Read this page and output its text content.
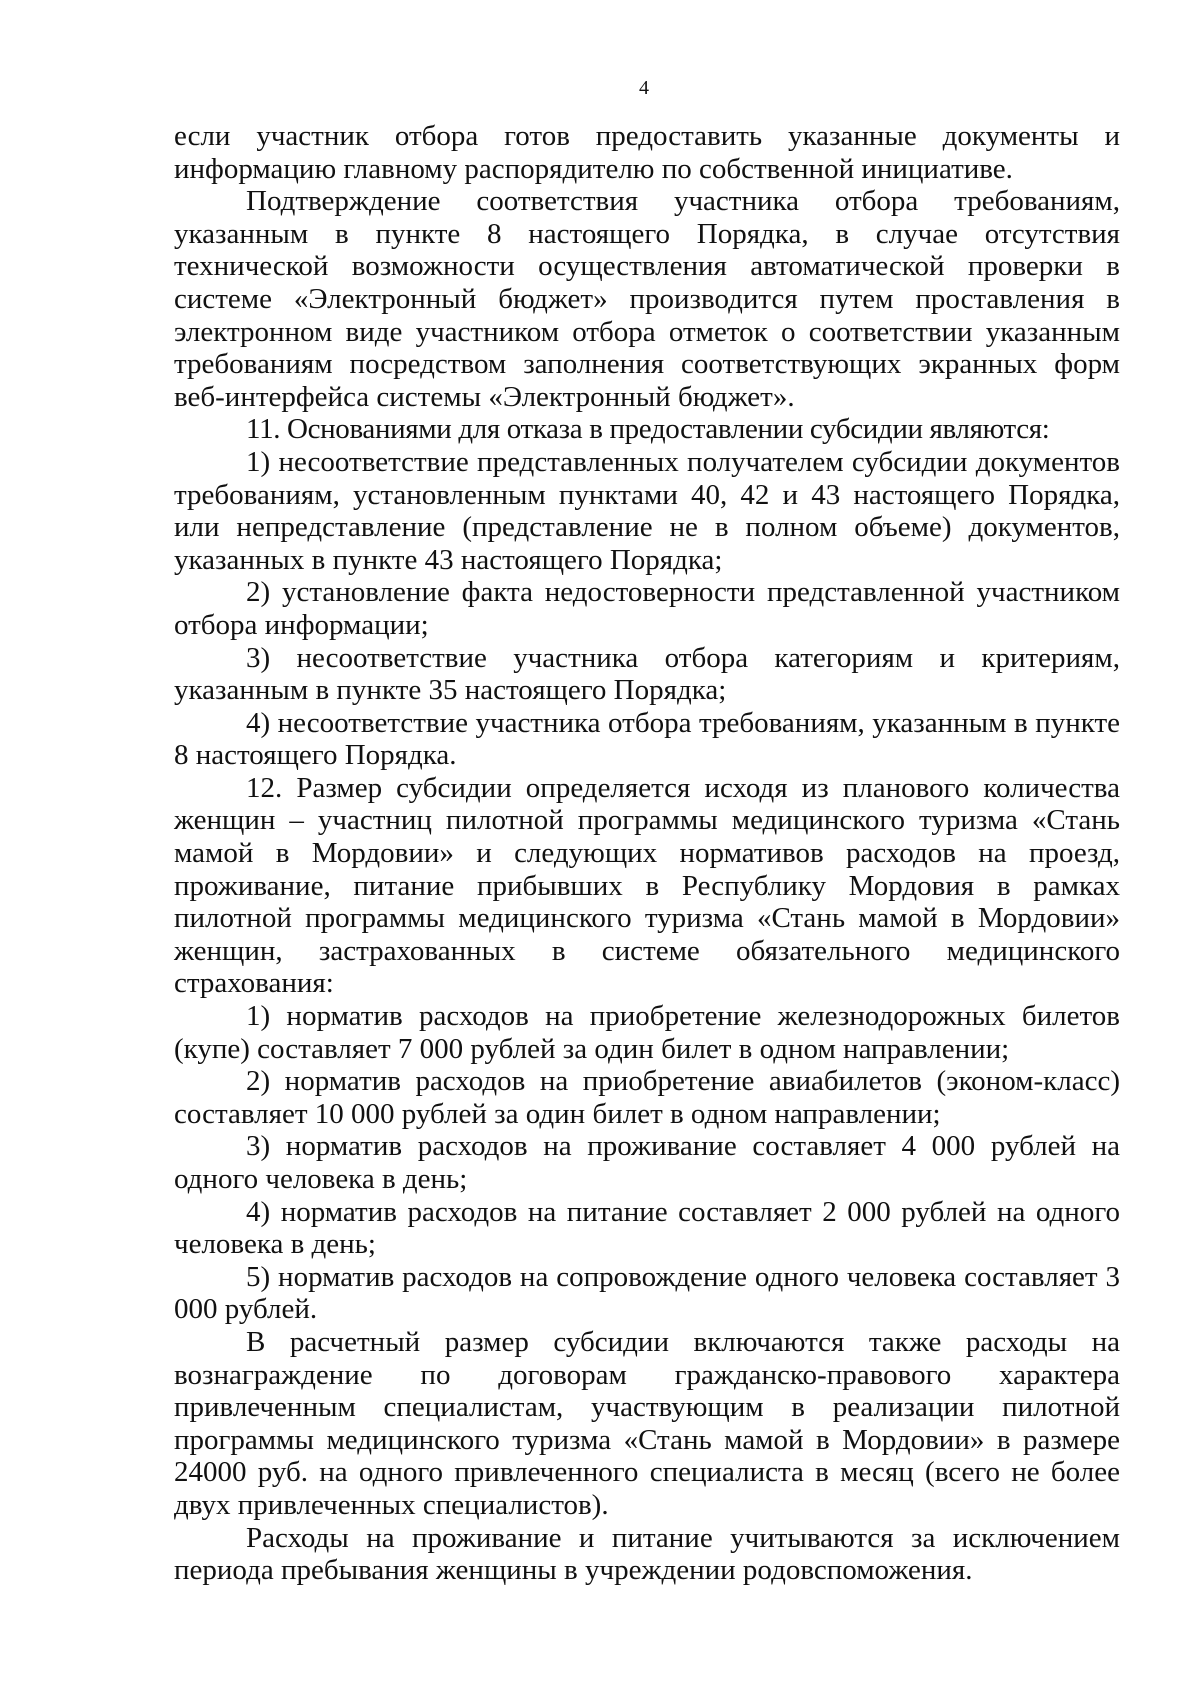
4

если участник отбора готов предоставить указанные документы и информацию главному распорядителю по собственной инициативе.

Подтверждение соответствия участника отбора требованиям, указанным в пункте 8 настоящего Порядка, в случае отсутствия технической возможности осуществления автоматической проверки в системе «Электронный бюджет» производится путем проставления в электронном виде участником отбора отметок о соответствии указанным требованиям посредством заполнения соответствующих экранных форм веб-интерфейса системы «Электронный бюджет».

11. Основаниями для отказа в предоставлении субсидии являются:

1) несоответствие представленных получателем субсидии документов требованиям, установленным пунктами 40, 42 и 43 настоящего Порядка, или непредставление (представление не в полном объеме) документов, указанных в пункте 43 настоящего Порядка;

2) установление факта недостоверности представленной участником отбора информации;

3) несоответствие участника отбора категориям и критериям, указанным в пункте 35 настоящего Порядка;

4) несоответствие участника отбора требованиям, указанным в пункте 8 настоящего Порядка.

12. Размер субсидии определяется исходя из планового количества женщин – участниц пилотной программы медицинского туризма «Стань мамой в Мордовии» и следующих нормативов расходов на проезд, проживание, питание прибывших в Республику Мордовия в рамках пилотной программы медицинского туризма «Стань мамой в Мордовии» женщин, застрахованных в системе обязательного медицинского страхования:

1) норматив расходов на приобретение железнодорожных билетов (купе) составляет 7 000 рублей за один билет в одном направлении;

2) норматив расходов на приобретение авиабилетов (эконом-класс) составляет 10 000 рублей за один билет в одном направлении;

3) норматив расходов на проживание составляет 4 000 рублей на одного человека в день;

4) норматив расходов на питание составляет 2 000 рублей на одного человека в день;

5) норматив расходов на сопровождение одного человека составляет 3 000 рублей.

В расчетный размер субсидии включаются также расходы на вознаграждение по договорам гражданско-правового характера привлеченным специалистам, участвующим в реализации пилотной программы медицинского туризма «Стань мамой в Мордовии» в размере 24000 руб. на одного привлеченного специалиста в месяц (всего не более двух привлеченных специалистов).

Расходы на проживание и питание учитываются за исключением периода пребывания женщины в учреждении родовспоможения.
